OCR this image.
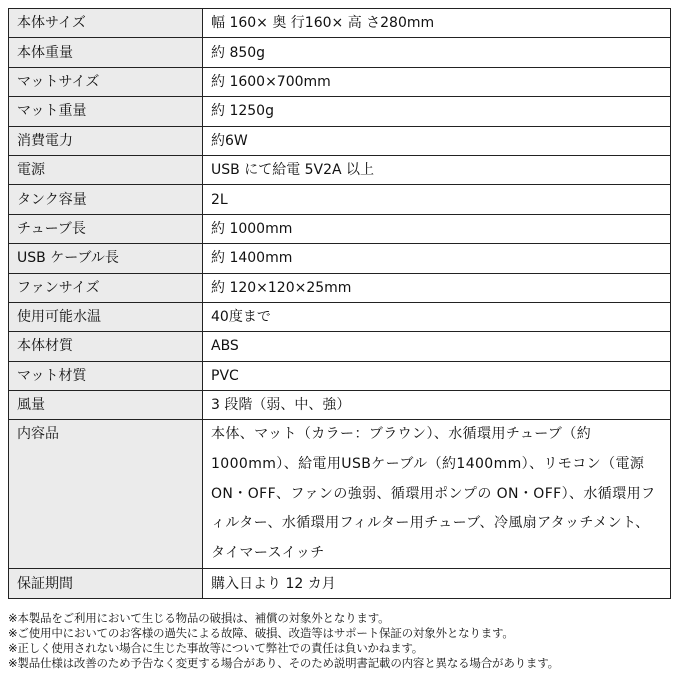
本体サイズ	幅 160× 奥 行160× 高 さ280mm
本体重量	約 850g
マットサイズ	約 1600×700mm
マット重量	約 1250g
消費電力	約6W
電源	USB にて給電 5V2A 以上
タンク容量	2L
チューブ長	約 1000mm
USB ケーブル長	約 1400mm
ファンサイズ	約 120×120×25mm
使用可能水温	40度まで
本体材質	ABS
マット材質	PVC
風量	3 段階（弱、中、強）
内容品	本体、マット（カラー：ブラウン）、水循環用チューブ（約 1000mm）、給電用USBケーブル（約1400mm）、リモコン（電源ON・OFF、ファンの強弱、循環用ポンプの ON・OFF）、水循環用フィルター、水循環用フィルター用チューブ、冷風扇アタッチメント、タイマースイッチ
保証期間	購入日より 12 カ月
※本製品をご利用において生じる物品の破損は、補償の対象外となります。
※ご使用中においてのお客様の過失による故障、破損、改造等はサポート保証の対象外となります。
※正しく使用されない場合に生じた事故等について弊社での責任は負いかねます。
※製品仕様は改善のため予告なく変更する場合があり、そのため説明書記載の内容と異なる場合があります。
